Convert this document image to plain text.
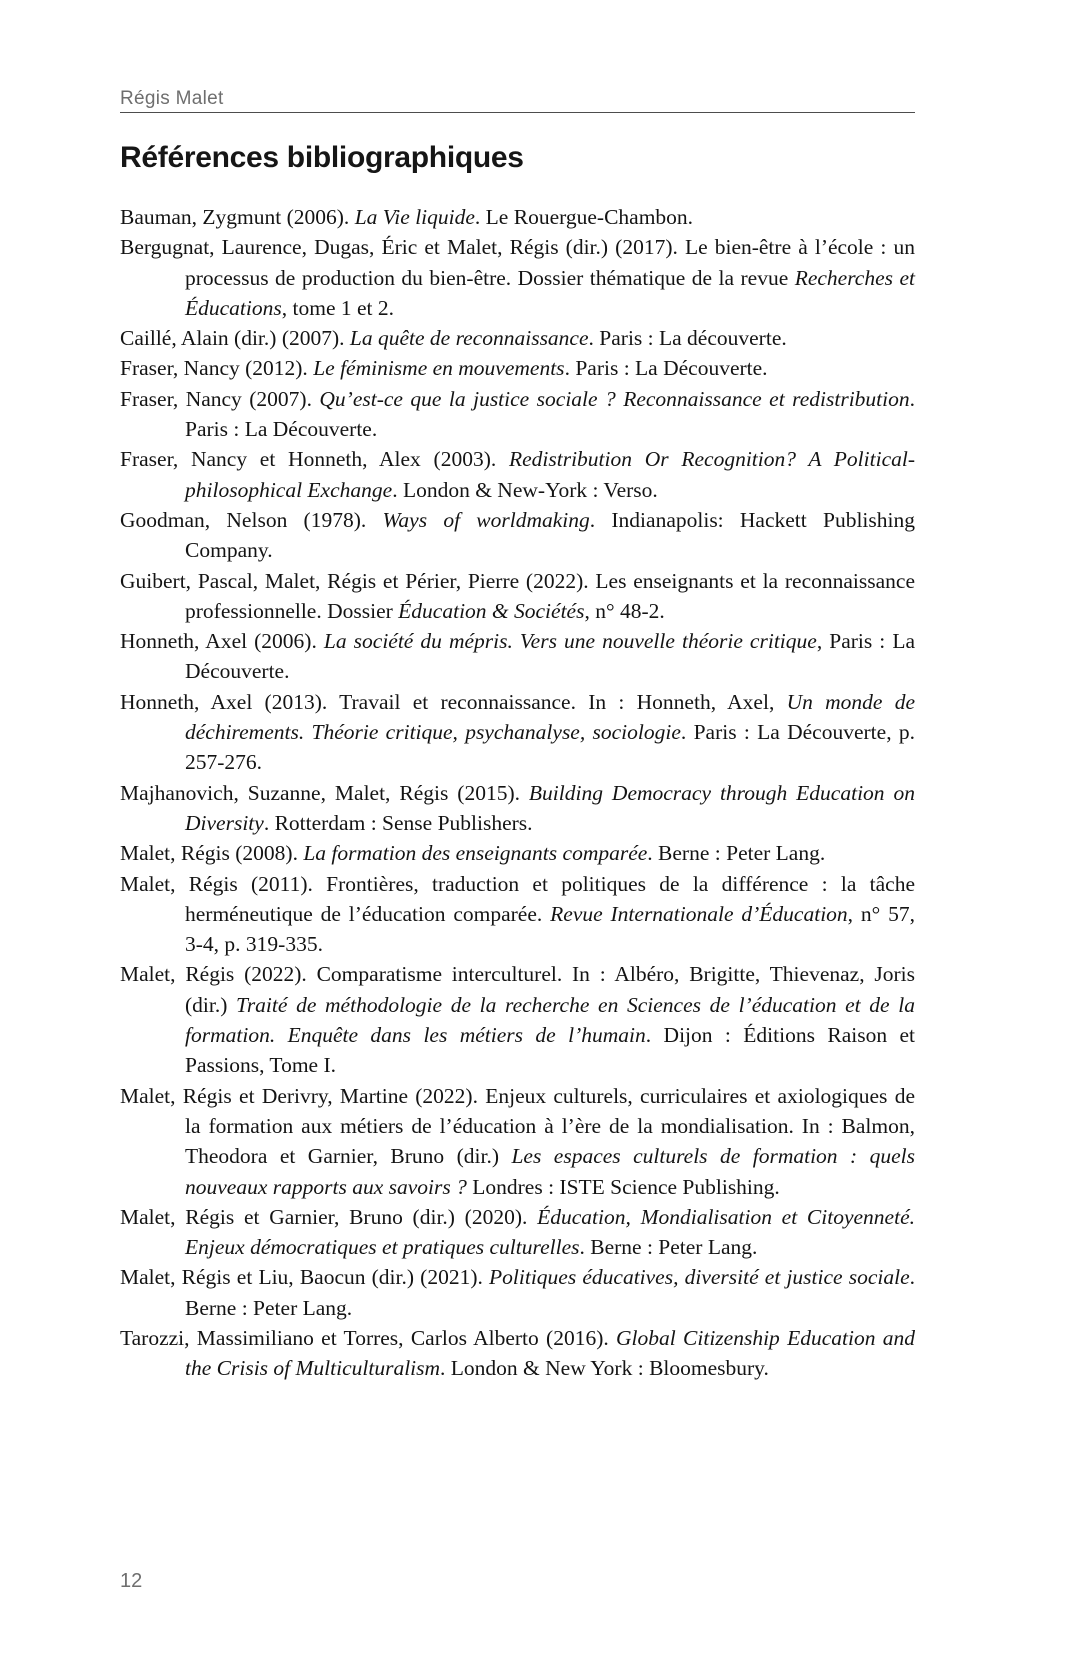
Régis Malet
Références bibliographiques

Bauman, Zygmunt (2006). La Vie liquide. Le Rouergue-Chambon.

Bergugnat, Laurence, Dugas, Éric et Malet, Régis (dir.) (2017). Le bien-être à l’école : un processus de production du bien-être. Dossier thématique de la revue Recherches et Éducations, tome 1 et 2.

Caillé, Alain (dir.) (2007). La quête de reconnaissance. Paris : La découverte.

Fraser, Nancy (2012). Le féminisme en mouvements. Paris : La Découverte.

Fraser, Nancy (2007). Qu’est-ce que la justice sociale ? Reconnaissance et redistribution. Paris : La Découverte.

Fraser, Nancy et Honneth, Alex (2003). Redistribution Or Recognition? A Political-philosophical Exchange. London & New-York : Verso.

Goodman, Nelson (1978). Ways of worldmaking. Indianapolis: Hackett Publishing Company.

Guibert, Pascal, Malet, Régis et Périer, Pierre (2022). Les enseignants et la reconnaissance professionnelle. Dossier Éducation & Sociétés, n° 48-2.

Honneth, Axel (2006). La société du mépris. Vers une nouvelle théorie critique, Paris : La Découverte.

Honneth, Axel (2013). Travail et reconnaissance. In : Honneth, Axel, Un monde de déchirements. Théorie critique, psychanalyse, sociologie. Paris : La Découverte, p. 257-276.

Majhanovich, Suzanne, Malet, Régis (2015). Building Democracy through Education on Diversity. Rotterdam : Sense Publishers.

Malet, Régis (2008). La formation des enseignants comparée. Berne : Peter Lang.

Malet, Régis (2011). Frontières, traduction et politiques de la différence : la tâche herméneutique de l’éducation comparée. Revue Internationale d’Éducation, n° 57, 3-4, p. 319-335.

Malet, Régis (2022). Comparatisme interculturel. In : Albéro, Brigitte, Thievenaz, Joris (dir.) Traité de méthodologie de la recherche en Sciences de l’éducation et de la formation. Enquête dans les métiers de l’humain. Dijon : Éditions Raison et Passions, Tome I.

Malet, Régis et Derivry, Martine (2022). Enjeux culturels, curriculaires et axiologiques de la formation aux métiers de l’éducation à l’ère de la mondialisation. In : Balmon, Theodora et Garnier, Bruno (dir.) Les espaces culturels de formation : quels nouveaux rapports aux savoirs ? Londres : ISTE Science Publishing.

Malet, Régis et Garnier, Bruno (dir.) (2020). Éducation, Mondialisation et Citoyenneté. Enjeux démocratiques et pratiques culturelles. Berne : Peter Lang.

Malet, Régis et Liu, Baocun (dir.) (2021). Politiques éducatives, diversité et justice sociale. Berne : Peter Lang.

Tarozzi, Massimiliano et Torres, Carlos Alberto (2016). Global Citizenship Education and the Crisis of Multiculturalism. London & New York : Bloomesbury.

12
